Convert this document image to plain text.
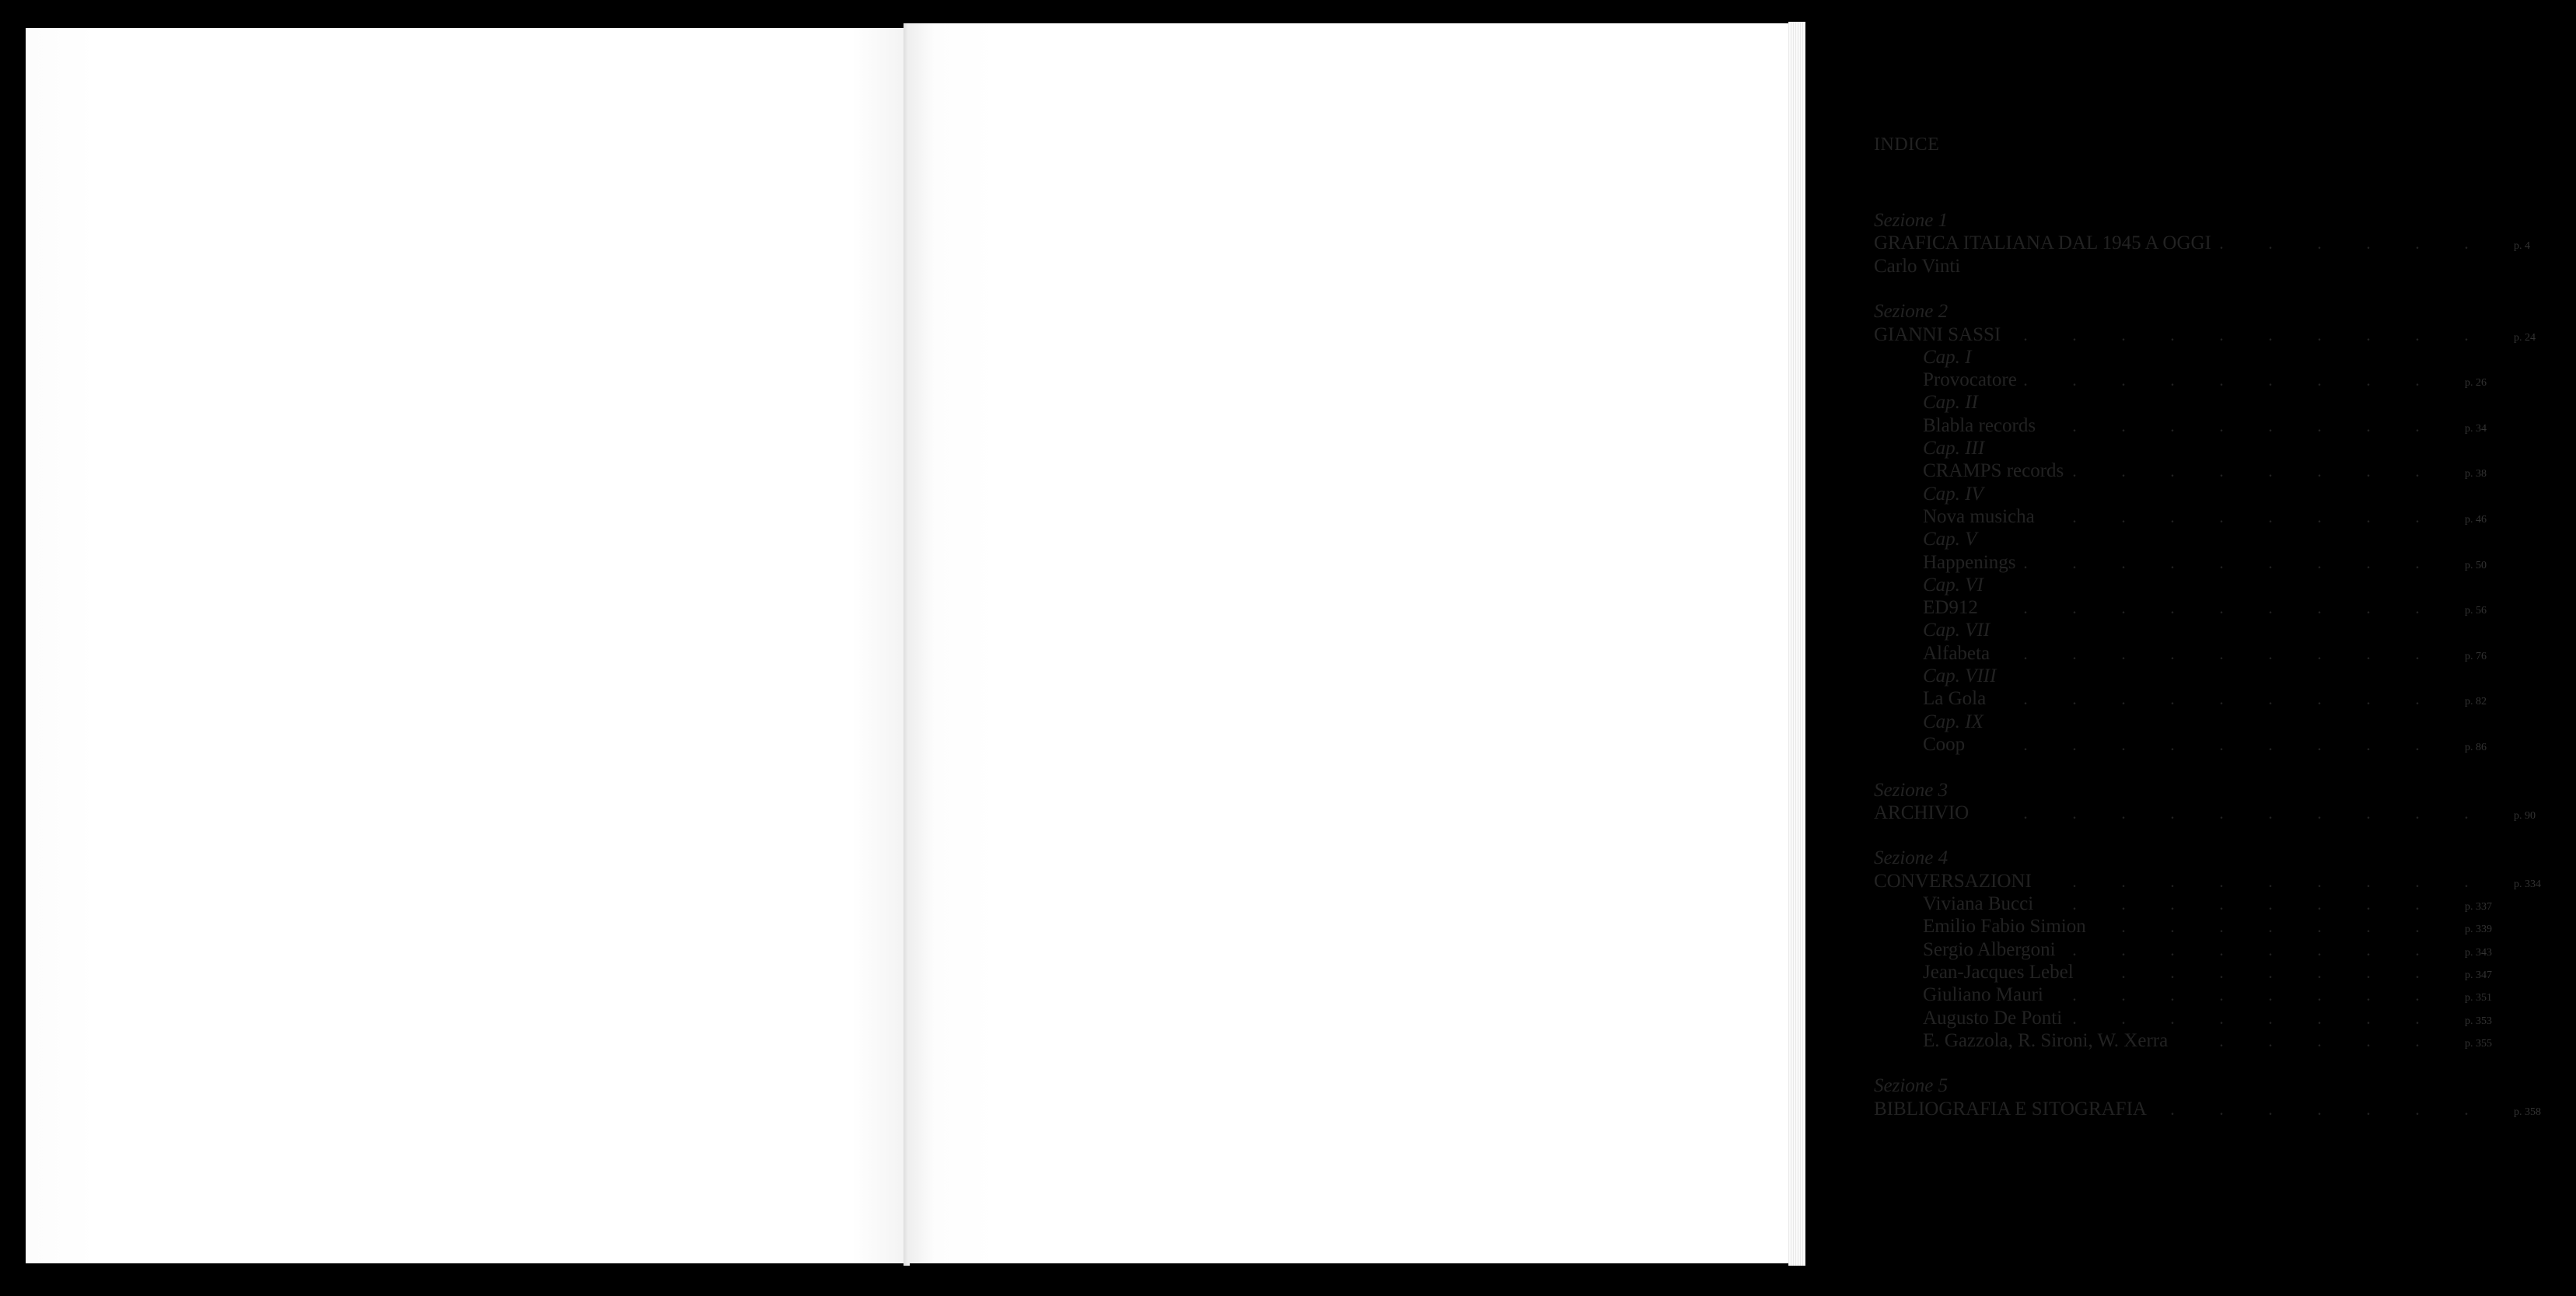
INDICE
Sezione 1
GRAFICA ITALIANA DAL 1945 A OGGI	p. 4
.	.	.	.	.	.
Carlo Vinti
Sezione 2
GIANNI SASSI	p. 24
.	.	.	.	.	.	.	.	.	.
Cap. I
Provocatore	p. 26
.	.	.	.	.	.	.	.	.
Cap. II
Blabla records	p. 34
.	.	.	.	.	.	.	.
Cap. III
CRAMPS records	p. 38
.	.	.	.	.	.	.	.
Cap. IV
Nova musicha	p. 46
.	.	.	.	.	.	.	.
Cap. V
Happenings	p. 50
.	.	.	.	.	.	.	.	.
Cap. VI
ED912	p. 56
.	.	.	.	.	.	.	.	.
Cap. VII
Alfabeta	p. 76
.	.	.	.	.	.	.	.	.
Cap. VIII
La Gola	p. 82
.	.	.	.	.	.	.	.	.
Cap. IX
Coop	p. 86
.	.	.	.	.	.	.	.	.
Sezione 3
ARCHIVIO	p. 90
.	.	.	.	.	.	.	.	.	.
Sezione 4
CONVERSAZIONI	p. 334
.	.	.	.	.	.	.	.	.
Viviana Bucci	p. 337
.	.	.	.	.	.	.	.
Emilio Fabio Simion	p. 339
.	.	.	.	.	.	.
Sergio Albergoni	p. 343
.	.	.	.	.	.	.	.
Jean-Jacques Lebel	p. 347
.	.	.	.	.	.	.
Giuliano Mauri	p. 351
.	.	.	.	.	.	.	.
Augusto De Ponti	p. 353
.	.	.	.	.	.	.	.
E. Gazzola, R. Sironi, W. Xerra	p. 355
.	.	.	.	.
Sezione 5
BIBLIOGRAFIA E SITOGRAFIA	p. 358
.	.	.	.	.	.	.
